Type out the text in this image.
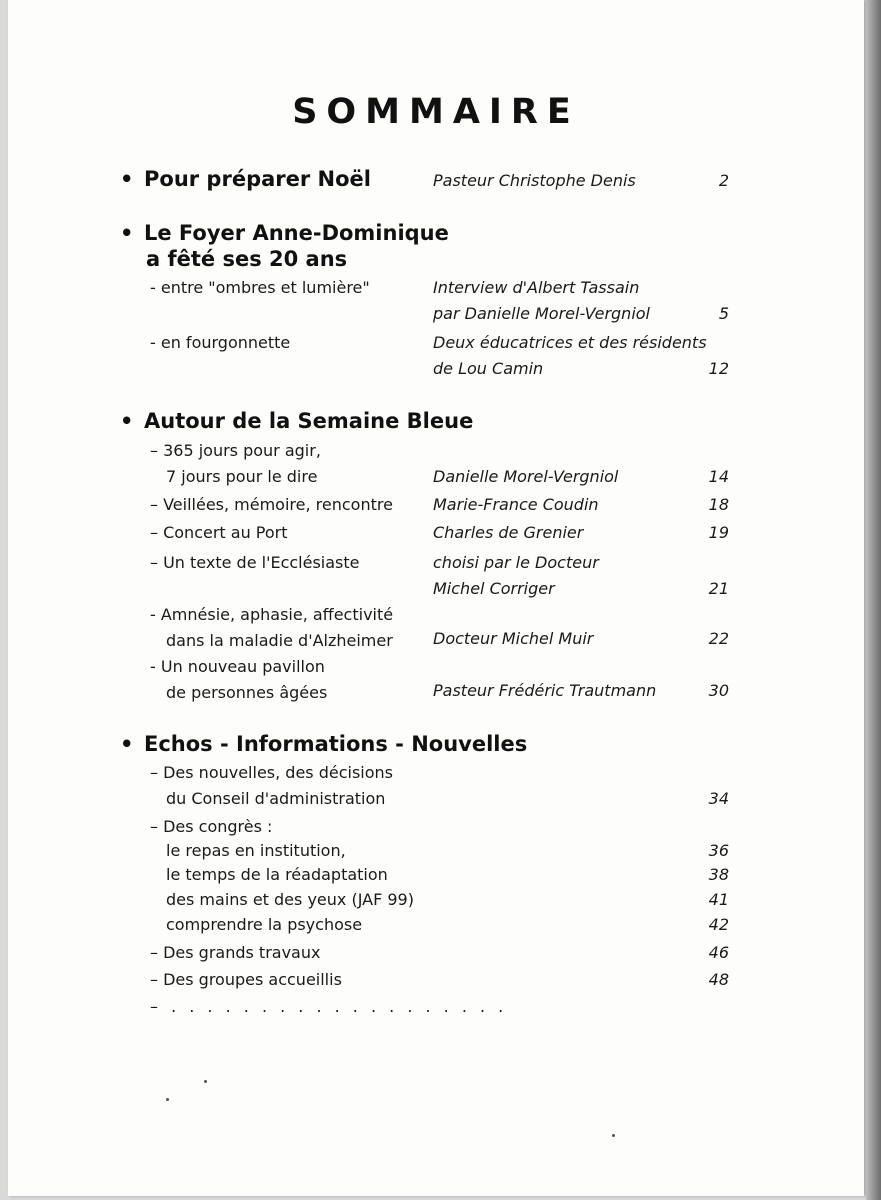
SOMMAIRE
• Pour préparer Noël	Pasteur Christophe Denis	2
• Le Foyer Anne-Dominique
a fêté ses 20 ans
- entre "ombres et lumière"	Interview d'Albert Tassain
par Danielle Morel-Vergniol	5
- en fourgonnette	Deux éducatrices et des résidents
de Lou Camin	12
• Autour de la Semaine Bleue
– 365 jours pour agir,
7 jours pour le dire	Danielle Morel-Vergniol	14
– Veillées, mémoire, rencontre	Marie-France Coudin	18
– Concert au Port	Charles de Grenier	19
– Un texte de l'Ecclésiaste	choisi par le Docteur
Michel Corriger	21
- Amnésie, aphasie, affectivité
dans la maladie d'Alzheimer	Docteur Michel Muir	22
- Un nouveau pavillon
de personnes âgées	Pasteur Frédéric Trautmann	30
• Echos - Informations - Nouvelles
– Des nouvelles, des décisions
du Conseil d'administration	34
– Des congrès :
le repas en institution,	36
le temps de la réadaptation	38
des mains et des yeux (JAF 99)	41
comprendre la psychose	42
– Des grands travaux	46
– Des groupes accueillis	48
– . . . . . . . . . . . . . . . . . . .
